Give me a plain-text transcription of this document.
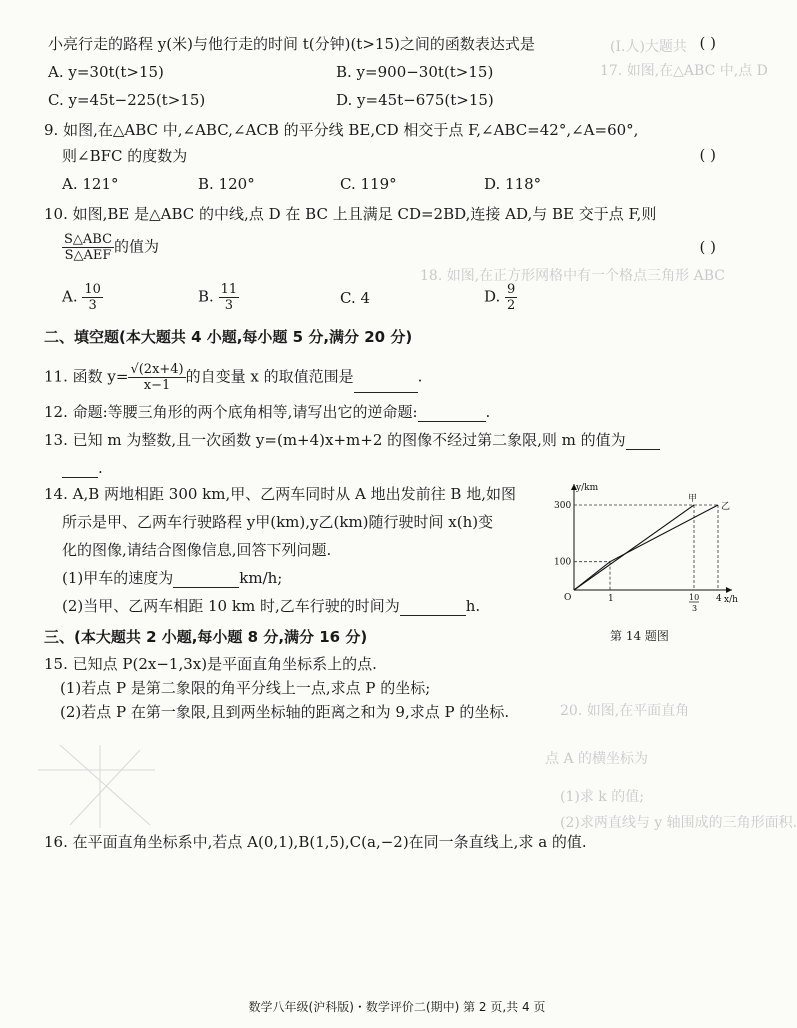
(I.人)大题共
17. 如图,在△ABC 中,点 D
18. 如图,在正方形网格中有一个格点三角形 ABC
小亮行走的路程 y(米)与他行走的时间 t(分钟)(t>15)之间的函数表达式是	( )
A. y=30t(t>15)	B. y=900−30t(t>15)
C. y=45t−225(t>15)	D. y=45t−675(t>15)
9. 如图,在△ABC 中,∠ABC,∠ACB 的平分线 BE,CD 相交于点 F,∠ABC=42°,∠A=60°,
则∠BFC 的度数为	( )
A. 121°	B. 120°	C. 119°	D. 118°
10. 如图,BE 是△ABC 的中线,点 D 在 BC 上且满足 CD=2BD,连接 AD,与 BE 交于点 F,则
$\frac{\text{S△ABC}}{\text{S△AEF}}$ 的值为	( )
A. $\frac{10}{3}$	B. $\frac{11}{3}$	C. 4	D. $\frac{9}{2}$
二、填空题(本大题共 4 小题,每小题 5 分,满分 20 分)
11. 函数 $y= \frac{√(2x+4)}{x-1}$ 的自变量 x 的取值范围是	.
12. 命题:等腰三角形的两个底角相等,请写出它的逆命题:	.
13. 已知 m 为整数,且一次函数 y=(m+4)x+m+2 的图像不经过第二象限,则 m 的值为
.
14. A,B 两地相距 300 km,甲、乙两车同时从 A 地出发前往 B 地,如图
所示是甲、乙两车行驶路程 y甲(km),y乙(km)随行驶时间 x(h)变
化的图像,请结合图像信息,回答下列问题.
(1)甲车的速度为	km/h;
(2)当甲、乙两车相距 10 km 时,乙车行驶的时间为	h.
y/km
x/h
300
100
O	1	10
3
4
甲
乙
第 14 题图
三、(本大题共 2 小题,每小题 8 分,满分 16 分)
15. 已知点 P(2x−1,3x)是平面直角坐标系上的点.
(1)若点 P 是第二象限的角平分线上一点,求点 P 的坐标;
(2)若点 P 在第一象限,且到两坐标轴的距离之和为 9,求点 P 的坐标.	20. 如图,在平面直角
点 A 的横坐标为
(1)求 k 的值;
(2)求两直线与 y 轴围成的三角形面积.
16. 在平面直角坐标系中,若点 A(0,1),B(1,5),C(a,−2)在同一条直线上,求 a 的值.
数学八年级(沪科版)・数学评价二(期中) 第 2 页,共 4 页
